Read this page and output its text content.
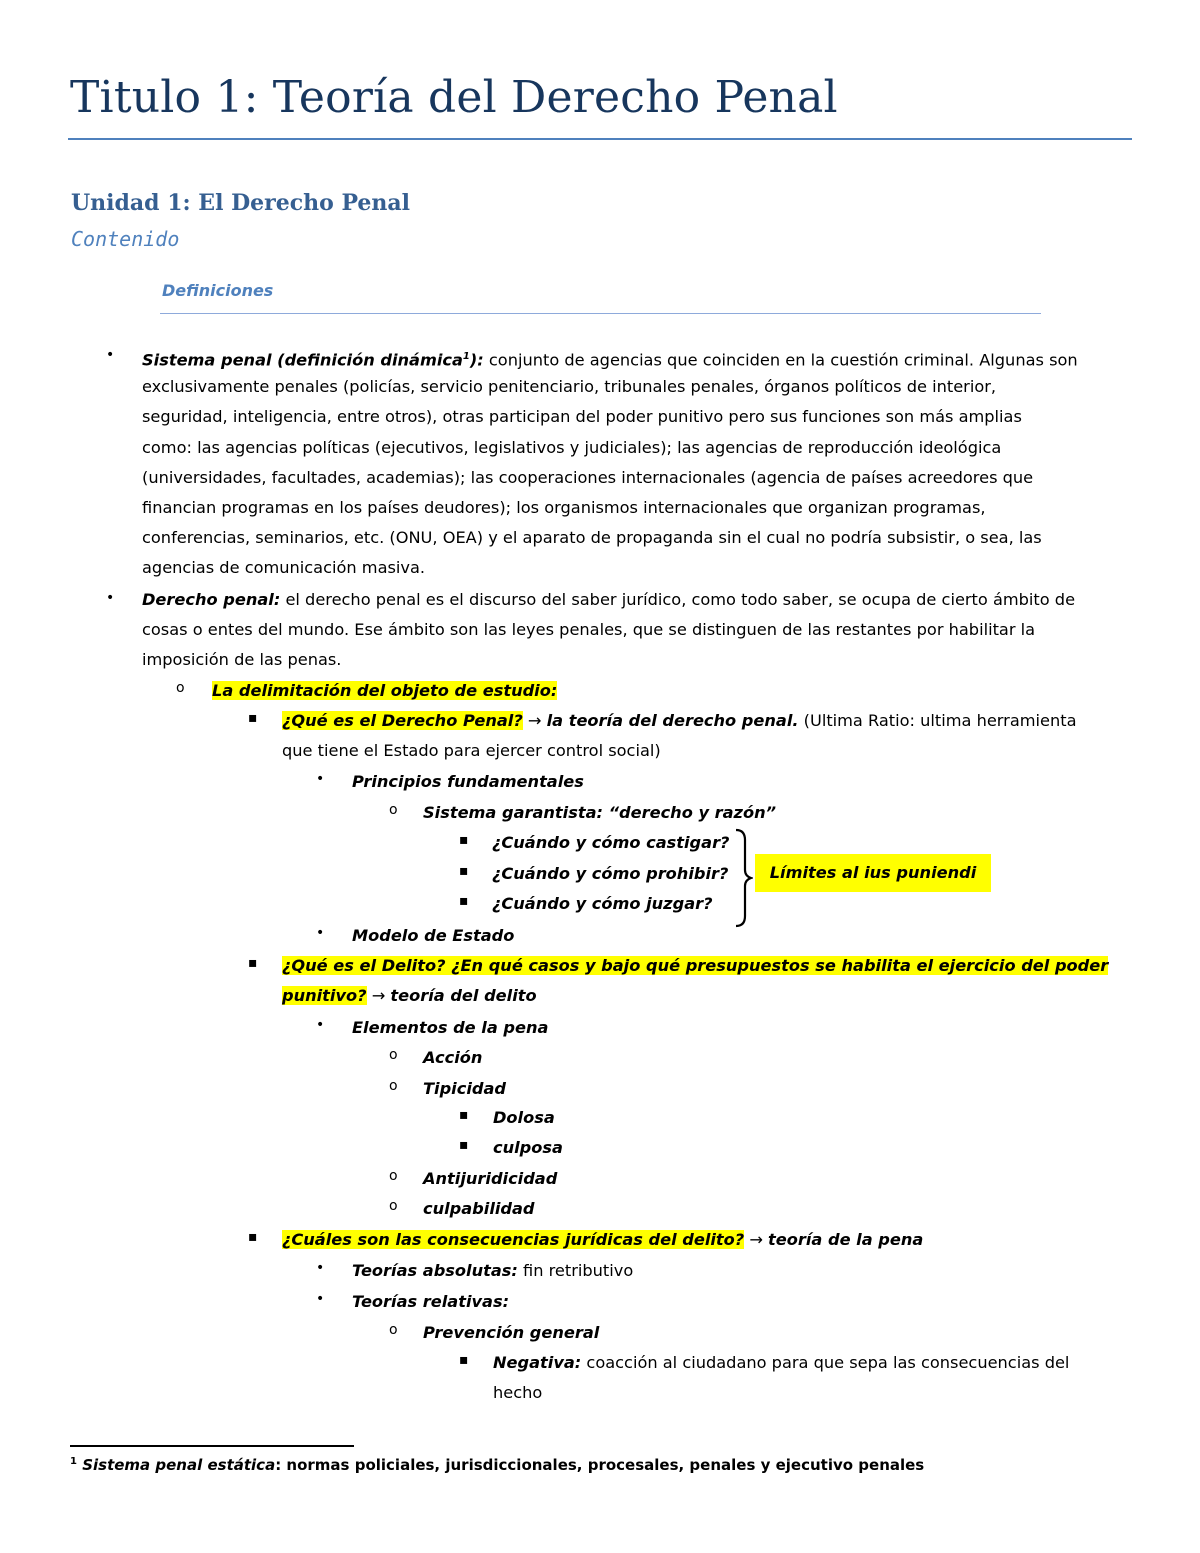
Titulo 1: Teoría del Derecho Penal
Unidad 1: El Derecho Penal
Contenido
Definiciones
• Sistema penal (definición dinámica$^1$): conjunto de agencias que coinciden en la cuestión criminal. Algunas son
exclusivamente penales (policías, servicio penitenciario, tribunales penales, órganos políticos de interior,
seguridad, inteligencia, entre otros), otras participan del poder punitivo pero sus funciones son más amplias
como: las agencias políticas (ejecutivos, legislativos y judiciales); las agencias de reproducción ideológica
(universidades, facultades, academias); las cooperaciones internacionales (agencia de países acreedores que
financian programas en los países deudores); los organismos internacionales que organizan programas,
conferencias, seminarios, etc. (ONU, OEA) y el aparato de propaganda sin el cual no podría subsistir, o sea, las
agencias de comunicación masiva.
• Derecho penal: el derecho penal es el discurso del saber jurídico, como todo saber, se ocupa de cierto ámbito de
cosas o entes del mundo. Ese ámbito son las leyes penales, que se distinguen de las restantes por habilitar la
imposición de las penas.
o La delimitación del objeto de estudio:
▪ ¿Qué es el Derecho Penal? → la teoría del derecho penal. (Ultima Ratio: ultima herramienta
que tiene el Estado para ejercer control social)
• Principios fundamentales
o Sistema garantista: “derecho y razón”
▪ ¿Cuándo y cómo castigar?
▪ ¿Cuándo y cómo prohibir?
▪ ¿Cuándo y cómo juzgar?
Límites al ius puniendi
• Modelo de Estado
▪ ¿Qué es el Delito? ¿En qué casos y bajo qué presupuestos se habilita el ejercicio del poder
punitivo? → teoría del delito
• Elementos de la pena
o Acción
o Tipicidad
▪ Dolosa
▪ culposa
o Antijuridicidad
o culpabilidad
▪ ¿Cuáles son las consecuencias jurídicas del delito? → teoría de la pena
• Teorías absolutas: fin retributivo
• Teorías relativas:
o Prevención general
▪ Negativa: coacción al ciudadano para que sepa las consecuencias del
hecho
$^1$ Sistema penal estática: normas policiales, jurisdiccionales, procesales, penales y ejecutivo penales
